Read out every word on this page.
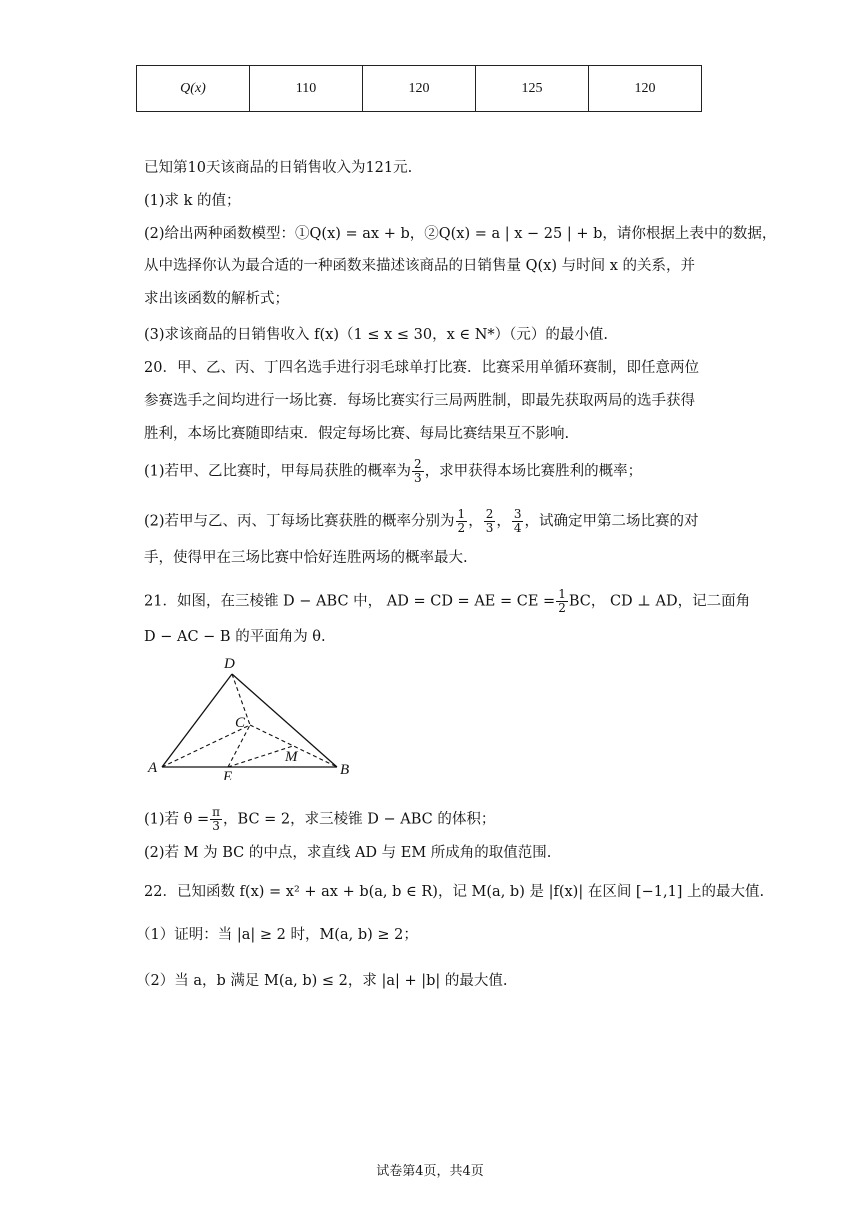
Q(x)	110	120	125	120
已知第10天该商品的日销售收入为121元.
(1)求 k 的值；
(2)给出两种函数模型：①Q(x) = ax + b，②Q(x) = a | x − 25 | + b，请你根据上表中的数据，
从中选择你认为最合适的一种函数来描述该商品的日销售量 Q(x) 与时间 x 的关系，并
求出该函数的解析式；
(3)求该商品的日销售收入 f(x)（1 ≤ x ≤ 30，x ∈ N*）（元）的最小值.
20．甲、乙、丙、丁四名选手进行羽毛球单打比赛．比赛采用单循环赛制，即任意两位
参赛选手之间均进行一场比赛．每场比赛实行三局两胜制，即最先获取两局的选手获得
胜利，本场比赛随即结束．假定每场比赛、每局比赛结果互不影响.
(1)若甲、乙比赛时，甲每局获胜的概率为 $\frac{2}{3}$ ，求甲获得本场比赛胜利的概率；
(2)若甲与乙、丙、丁每场比赛获胜的概率分别为 $\frac{1}{2}$ ， $\frac{2}{3}$ ， $\frac{3}{4}$ ，试确定甲第二场比赛的对
手，使得甲在三场比赛中恰好连胜两场的概率最大.
21．如图，在三棱锥 D − ABC 中， AD = CD = AE = CE = $\frac{1}{2}$ BC， CD ⊥ AD，记二面角
D − AC − B 的平面角为 θ.
D
C
M
A
E	B
(1)若 $\theta = \frac{\pi}{3}$ ，BC = 2，求三棱锥 D − ABC 的体积；
(2)若 M 为 BC 的中点，求直线 AD 与 EM 所成角的取值范围.
22．已知函数 f(x) = x² + ax + b(a, b ∈ R)，记 M(a, b) 是 |f(x)| 在区间 [−1,1] 上的最大值.
（1）证明：当 |a| ≥ 2 时，M(a, b) ≥ 2；
（2）当 a，b 满足 M(a, b) ≤ 2，求 |a| + |b| 的最大值.
试卷第4页，共4页
